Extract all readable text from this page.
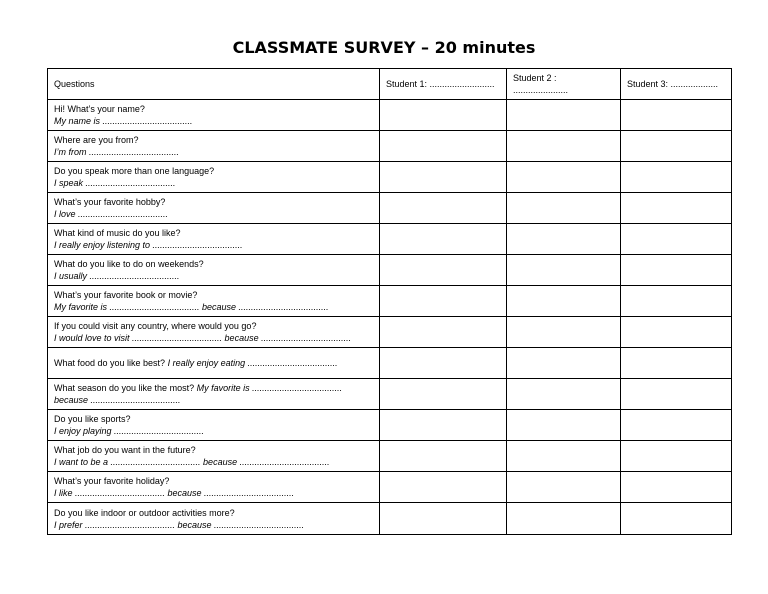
CLASSMATE SURVEY – 20 minutes
Questions	Student 1: ..........................	Student 2 : ......................	Student 3: ...................

Hi! What’s your name?
My name is ....................................			

Where are you from?
I’m from ....................................			

Do you speak more than one language?
I speak ....................................			

What’s your favorite hobby?
I love ....................................			

What kind of music do you like?
I really enjoy listening to ....................................			

What do you like to do on weekends?
I usually ....................................			

What’s your favorite book or movie?
My favorite is .................................... because ....................................			

If you could visit any country, where would you go?
I would love to visit .................................... because ....................................			

What food do you like best? I really enjoy eating ....................................			

What season do you like the most? My favorite is ....................................
because ....................................			

Do you like sports?
I enjoy playing ....................................			

What job do you want in the future?
I want to be a .................................... because ....................................			

What’s your favorite holiday?
I like .................................... because ....................................			

Do you like indoor or outdoor activities more?
I prefer .................................... because ....................................			
